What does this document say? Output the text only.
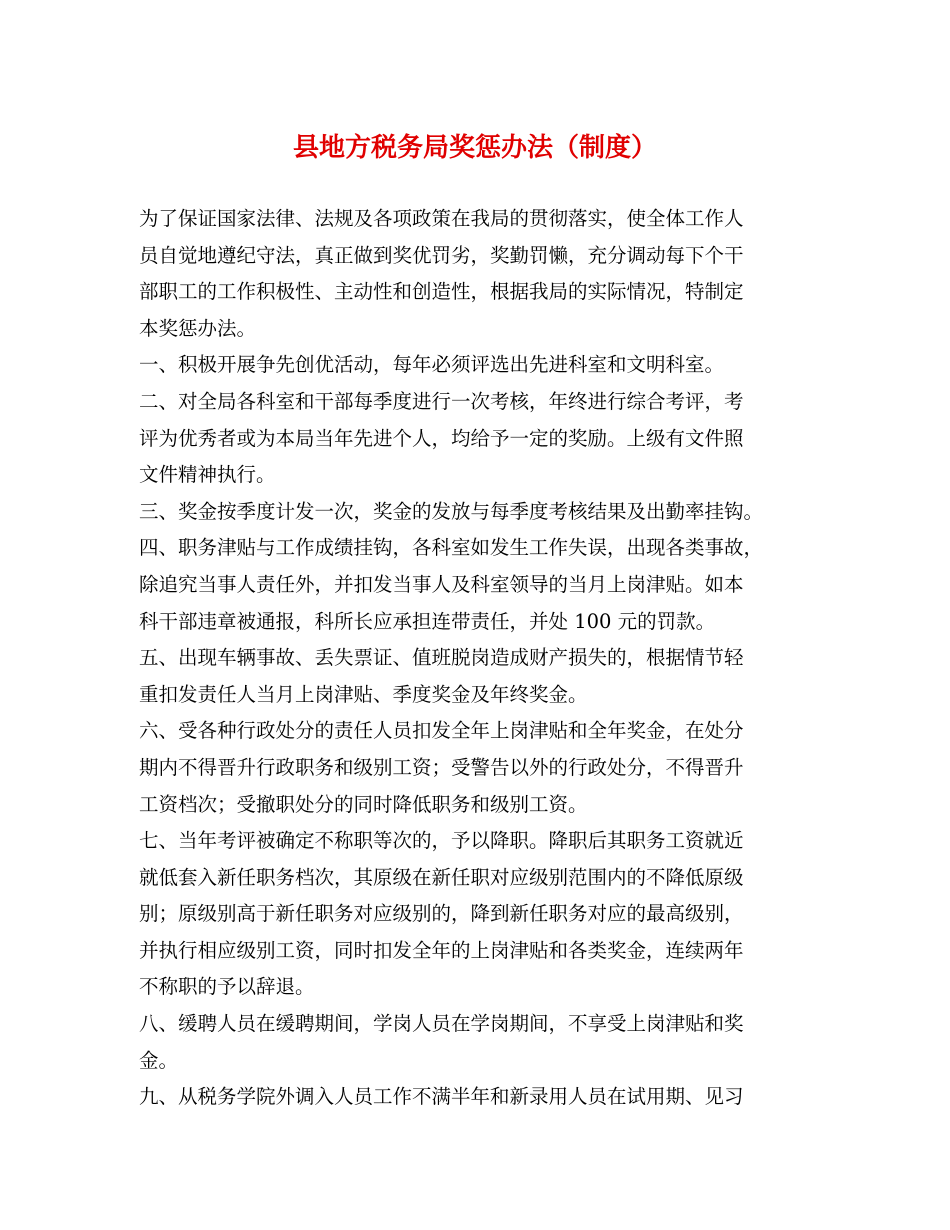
县地方税务局奖惩办法（制度）
为了保证国家法律、法规及各项政策在我局的贯彻落实，使全体工作人
员自觉地遵纪守法，真正做到奖优罚劣，奖勤罚懒，充分调动每下个干
部职工的工作积极性、主动性和创造性，根据我局的实际情况，特制定
本奖惩办法。
一、积极开展争先创优活动，每年必须评选出先进科室和文明科室。
二、对全局各科室和干部每季度进行一次考核，年终进行综合考评，考
评为优秀者或为本局当年先进个人，均给予一定的奖励。上级有文件照
文件精神执行。
三、奖金按季度计发一次，奖金的发放与每季度考核结果及出勤率挂钩。
四、职务津贴与工作成绩挂钩，各科室如发生工作失误，出现各类事故，
除追究当事人责任外，并扣发当事人及科室领导的当月上岗津贴。如本
科干部违章被通报，科所长应承担连带责任，并处 100 元的罚款。
五、出现车辆事故、丢失票证、值班脱岗造成财产损失的，根据情节轻
重扣发责任人当月上岗津贴、季度奖金及年终奖金。
六、受各种行政处分的责任人员扣发全年上岗津贴和全年奖金，在处分
期内不得晋升行政职务和级别工资；受警告以外的行政处分，不得晋升
工资档次；受撤职处分的同时降低职务和级别工资。
七、当年考评被确定不称职等次的，予以降职。降职后其职务工资就近
就低套入新任职务档次，其原级在新任职对应级别范围内的不降低原级
别；原级别高于新任职务对应级别的，降到新任职务对应的最高级别，
并执行相应级别工资，同时扣发全年的上岗津贴和各类奖金，连续两年
不称职的予以辞退。
八、缓聘人员在缓聘期间，学岗人员在学岗期间，不享受上岗津贴和奖
金。
九、从税务学院外调入人员工作不满半年和新录用人员在试用期、见习
